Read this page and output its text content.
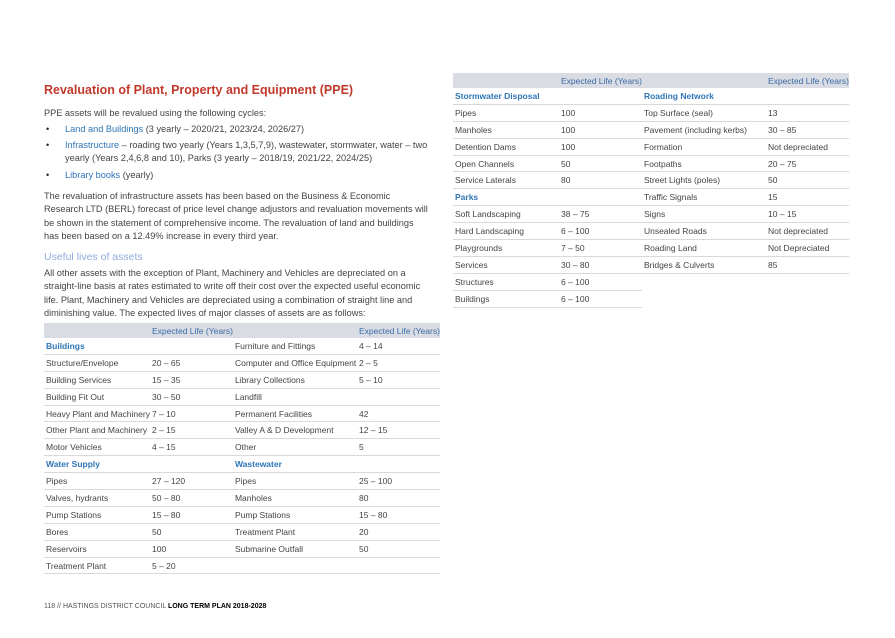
Revaluation of Plant, Property and Equipment (PPE)

PPE assets will be revalued using the following cycles:

• Land and Buildings (3 yearly – 2020/21, 2023/24, 2026/27)
• Infrastructure – roading two yearly (Years 1,3,5,7,9), wastewater, stormwater, water – two yearly (Years 2,4,6,8 and 10), Parks (3 yearly – 2018/19, 2021/22, 2024/25)
• Library books (yearly)

The revaluation of infrastructure assets has been based on the Business & Economic Research LTD (BERL) forecast of price level change adjustors and revaluation movements will be shown in the statement of comprehensive income. The revaluation of land and buildings has been based on a 12.49% increase in every third year.

Useful lives of assets

All other assets with the exception of Plant, Machinery and Vehicles are depreciated on a straight-line basis at rates estimated to write off their cost over the expected useful economic life. Plant, Machinery and Vehicles are depreciated using a combination of straight line and diminishing value. The expected lives of major classes of assets are as follows:

	Expected Life (Years)		Expected Life (Years)
Buildings		Furniture and Fittings	4 – 14
Structure/Envelope	20 – 65	Computer and Office Equipment	2 – 5
Building Services	15 – 35	Library Collections	5 – 10
Building Fit Out	30 – 50	Landfill	
Heavy Plant and Machinery	7 – 10	Permanent Facilities	42
Other Plant and Machinery	2 – 15	Valley A & D Development	12 – 15
Motor Vehicles	4 – 15	Other	5
Water Supply		Wastewater	
Pipes	27 – 120	Pipes	25 – 100
Valves, hydrants	50 – 80	Manholes	80
Pump Stations	15 – 80	Pump Stations	15 – 80
Bores	50	Treatment Plant	20
Reservoirs	100	Submarine Outfall	50
Treatment Plant	5 – 20		
	Expected Life (Years)		Expected Life (Years)
Stormwater Disposal		Roading Network	
Pipes	100	Top Surface (seal)	13
Manholes	100	Pavement (including kerbs)	30 – 85
Detention Dams	100	Formation	Not depreciated
Open Channels	50	Footpaths	20 – 75
Service Laterals	80	Street Lights (poles)	50
Parks		Traffic Signals	15
Soft Landscaping	38 – 75	Signs	10 – 15
Hard Landscaping	6 – 100	Unsealed Roads	Not depreciated
Playgrounds	7 – 50	Roading Land	Not Depreciated
Services	30 – 80	Bridges & Culverts	85
Structures	6 – 100		
Buildings	6 – 100		
118 // HASTINGS DISTRICT COUNCIL LONG TERM PLAN 2018-2028
